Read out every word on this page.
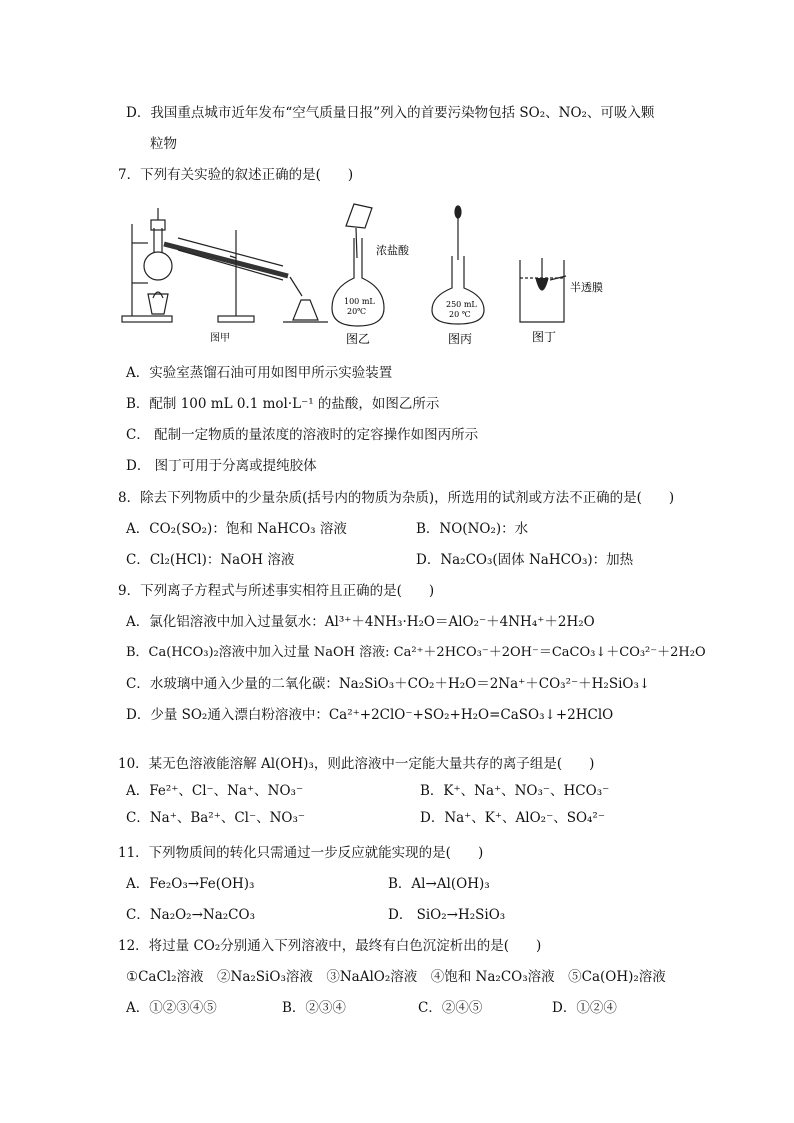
D．我国重点城市近年发布“空气质量日报”列入的首要污染物包括 SO₂、NO₂、可吸入颗
粒物
7．下列有关实验的叙述正确的是(　　)
图甲
浓盐酸
100 mL
20℃
图乙
250 mL
20 ℃
图丙
半透膜
图丁
A．实验室蒸馏石油可用如图甲所示实验装置
B．配制 100 mL 0.1 mol·L⁻¹ 的盐酸，如图乙所示
C． 配制一定物质的量浓度的溶液时的定容操作如图丙所示
D． 图丁可用于分离或提纯胶体
8．除去下列物质中的少量杂质(括号内的物质为杂质)，所选用的试剂或方法不正确的是(　　)
A．CO₂(SO₂)：饱和 NaHCO₃ 溶液	B．NO(NO₂)：水
C．Cl₂(HCl)：NaOH 溶液	D．Na₂CO₃(固体 NaHCO₃)：加热
9．下列离子方程式与所述事实相符且正确的是(　　)
A．氯化铝溶液中加入过量氨水：Al³⁺＋4NH₃·H₂O＝AlO₂⁻＋4NH₄⁺＋2H₂O
B．Ca(HCO₃)₂溶液中加入过量 NaOH 溶液: Ca²⁺＋2HCO₃⁻＋2OH⁻＝CaCO₃↓＋CO₃²⁻＋2H₂O
C．水玻璃中通入少量的二氧化碳：Na₂SiO₃＋CO₂＋H₂O＝2Na⁺＋CO₃²⁻＋H₂SiO₃↓
D．少量 SO₂通入漂白粉溶液中：Ca²⁺+2ClO⁻+SO₂+H₂O=CaSO₃↓+2HClO
10．某无色溶液能溶解 Al(OH)₃，则此溶液中一定能大量共存的离子组是(　　)
A．Fe²⁺、Cl⁻、Na⁺、NO₃⁻	B．K⁺、Na⁺、NO₃⁻、HCO₃⁻
C．Na⁺、Ba²⁺、Cl⁻、NO₃⁻	D．Na⁺、K⁺、AlO₂⁻、SO₄²⁻
11．下列物质间的转化只需通过一步反应就能实现的是(　　)
A．Fe₂O₃→Fe(OH)₃	B．Al→Al(OH)₃
C．Na₂O₂→Na₂CO₃	D． SiO₂→H₂SiO₃
12．将过量 CO₂分别通入下列溶液中，最终有白色沉淀析出的是(　　)
①CaCl₂溶液　②Na₂SiO₃溶液　③NaAlO₂溶液　④饱和 Na₂CO₃溶液　⑤Ca(OH)₂溶液
A．①②③④⑤	B．②③④	C．②④⑤	D．①②④
